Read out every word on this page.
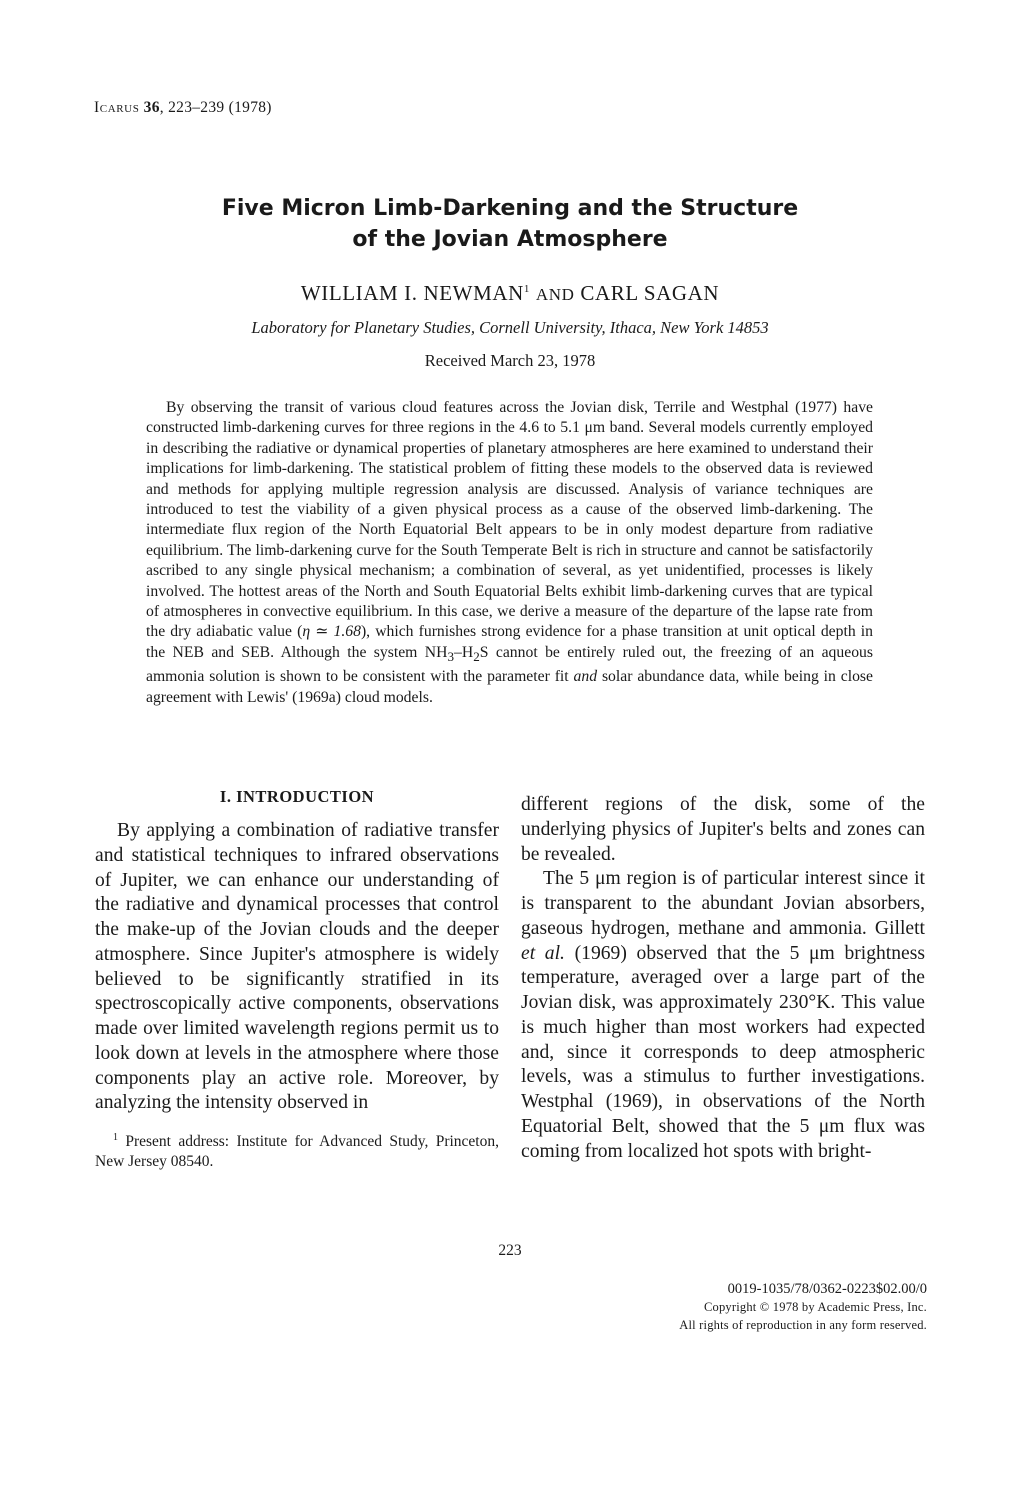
Icarus 36, 223–239 (1978)
Five Micron Limb-Darkening and the Structure
of the Jovian Atmosphere
WILLIAM I. NEWMAN$^1$ AND CARL SAGAN
Laboratory for Planetary Studies, Cornell University, Ithaca, New York 14853
Received March 23, 1978

By observing the transit of various cloud features across the Jovian disk, Terrile and Westphal (1977) have constructed limb-darkening curves for three regions in the 4.6 to 5.1 μm band. Several models currently employed in describing the radiative or dynamical properties of planetary atmospheres are here examined to understand their implications for limb-darkening. The statistical problem of fitting these models to the observed data is reviewed and methods for applying multiple regression analysis are discussed. Analysis of variance techniques are introduced to test the viability of a given physical process as a cause of the observed limb-darkening. The intermediate flux region of the North Equatorial Belt appears to be in only modest departure from radiative equilibrium. The limb-darkening curve for the South Temperate Belt is rich in structure and cannot be satisfactorily ascribed to any single physical mechanism; a combination of several, as yet unidentified, processes is likely involved. The hottest areas of the North and South Equatorial Belts exhibit limb-darkening curves that are typical of atmospheres in convective equilibrium. In this case, we derive a measure of the departure of the lapse rate from the dry adiabatic value (η ≃ 1.68), which furnishes strong evidence for a phase transition at unit optical depth in the NEB and SEB. Although the system $NH_3-H_2S$ cannot be entirely ruled out, the freezing of an aqueous ammonia solution is shown to be consistent with the parameter fit and solar abundance data, while being in close agreement with Lewis' (1969a) cloud models.

I. INTRODUCTION

By applying a combination of radiative transfer and statistical techniques to infrared observations of Jupiter, we can enhance our understanding of the radiative and dynamical processes that control the make-up of the Jovian clouds and the deeper atmosphere. Since Jupiter's atmosphere is widely believed to be significantly stratified in its spectroscopically active components, observations made over limited wavelength regions permit us to look down at levels in the atmosphere where those components play an active role. Moreover, by analyzing the intensity observed in

$^1$ Present address: Institute for Advanced Study, Princeton, New Jersey 08540.

different regions of the disk, some of the underlying physics of Jupiter's belts and zones can be revealed.

The 5 μm region is of particular interest since it is transparent to the abundant Jovian absorbers, gaseous hydrogen, methane and ammonia. Gillett et al. (1969) observed that the 5 μm brightness temperature, averaged over a large part of the Jovian disk, was approximately 230°K. This value is much higher than most workers had expected and, since it corresponds to deep atmospheric levels, was a stimulus to further investigations. Westphal (1969), in observations of the North Equatorial Belt, showed that the 5 μm flux was coming from localized hot spots with bright-

223
0019-1035/78/0362-0223$02.00/0
Copyright © 1978 by Academic Press, Inc.
All rights of reproduction in any form reserved.
